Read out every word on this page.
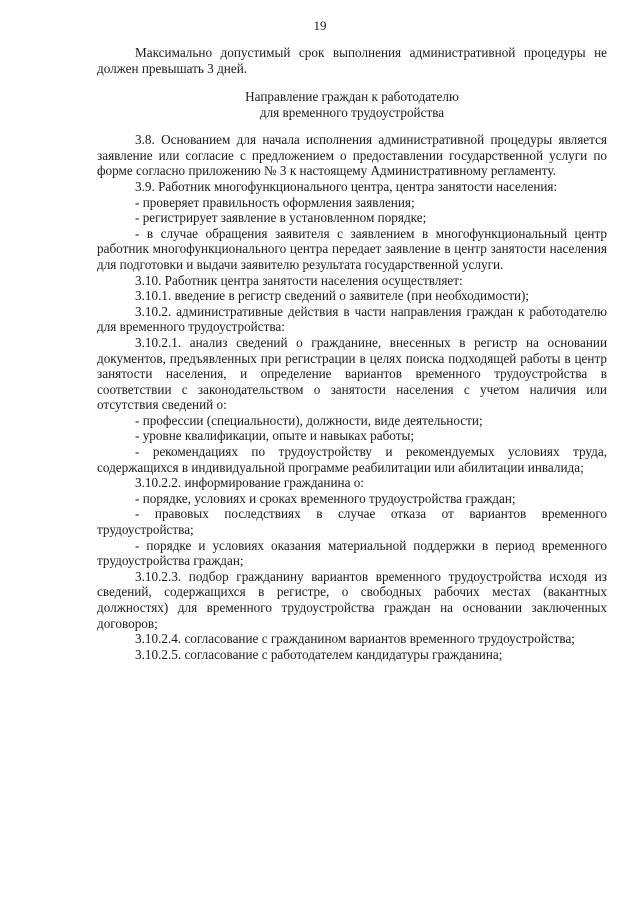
19

Максимально допустимый срок выполнения административной процедуры не должен превышать 3 дней.

Направление граждан к работодателю
для временного трудоустройства

3.8. Основанием для начала исполнения административной процедуры является заявление или согласие с предложением о предоставлении государственной услуги по форме согласно приложению № 3 к настоящему Административному регламенту.

3.9. Работник многофункционального центра, центра занятости населения:

- проверяет правильность оформления заявления;

- регистрирует заявление в установленном порядке;

- в случае обращения заявителя с заявлением в многофункциональный центр работник многофункционального центра передает заявление в центр занятости населения для подготовки и выдачи заявителю результата государственной услуги.

3.10. Работник центра занятости населения осуществляет:

3.10.1. введение в регистр сведений о заявителе (при необходимости);

3.10.2. административные действия в части направления граждан к работодателю для временного трудоустройства:

3.10.2.1. анализ сведений о гражданине, внесенных в регистр на основании документов, предъявленных при регистрации в целях поиска подходящей работы в центр занятости населения, и определение вариантов временного трудоустройства в соответствии с законодательством о занятости населения с учетом наличия или отсутствия сведений о:

- профессии (специальности), должности, виде деятельности;

- уровне квалификации, опыте и навыках работы;

- рекомендациях по трудоустройству и рекомендуемых условиях труда, содержащихся в индивидуальной программе реабилитации или абилитации инвалида;

3.10.2.2. информирование гражданина о:

- порядке, условиях и сроках временного трудоустройства граждан;

- правовых последствиях в случае отказа от вариантов временного трудоустройства;

- порядке и условиях оказания материальной поддержки в период временного трудоустройства граждан;

3.10.2.3. подбор гражданину вариантов временного трудоустройства исходя из сведений, содержащихся в регистре, о свободных рабочих местах (вакантных должностях) для временного трудоустройства граждан на основании заключенных договоров;

3.10.2.4. согласование с гражданином вариантов временного трудоустройства;

3.10.2.5. согласование с работодателем кандидатуры гражданина;
